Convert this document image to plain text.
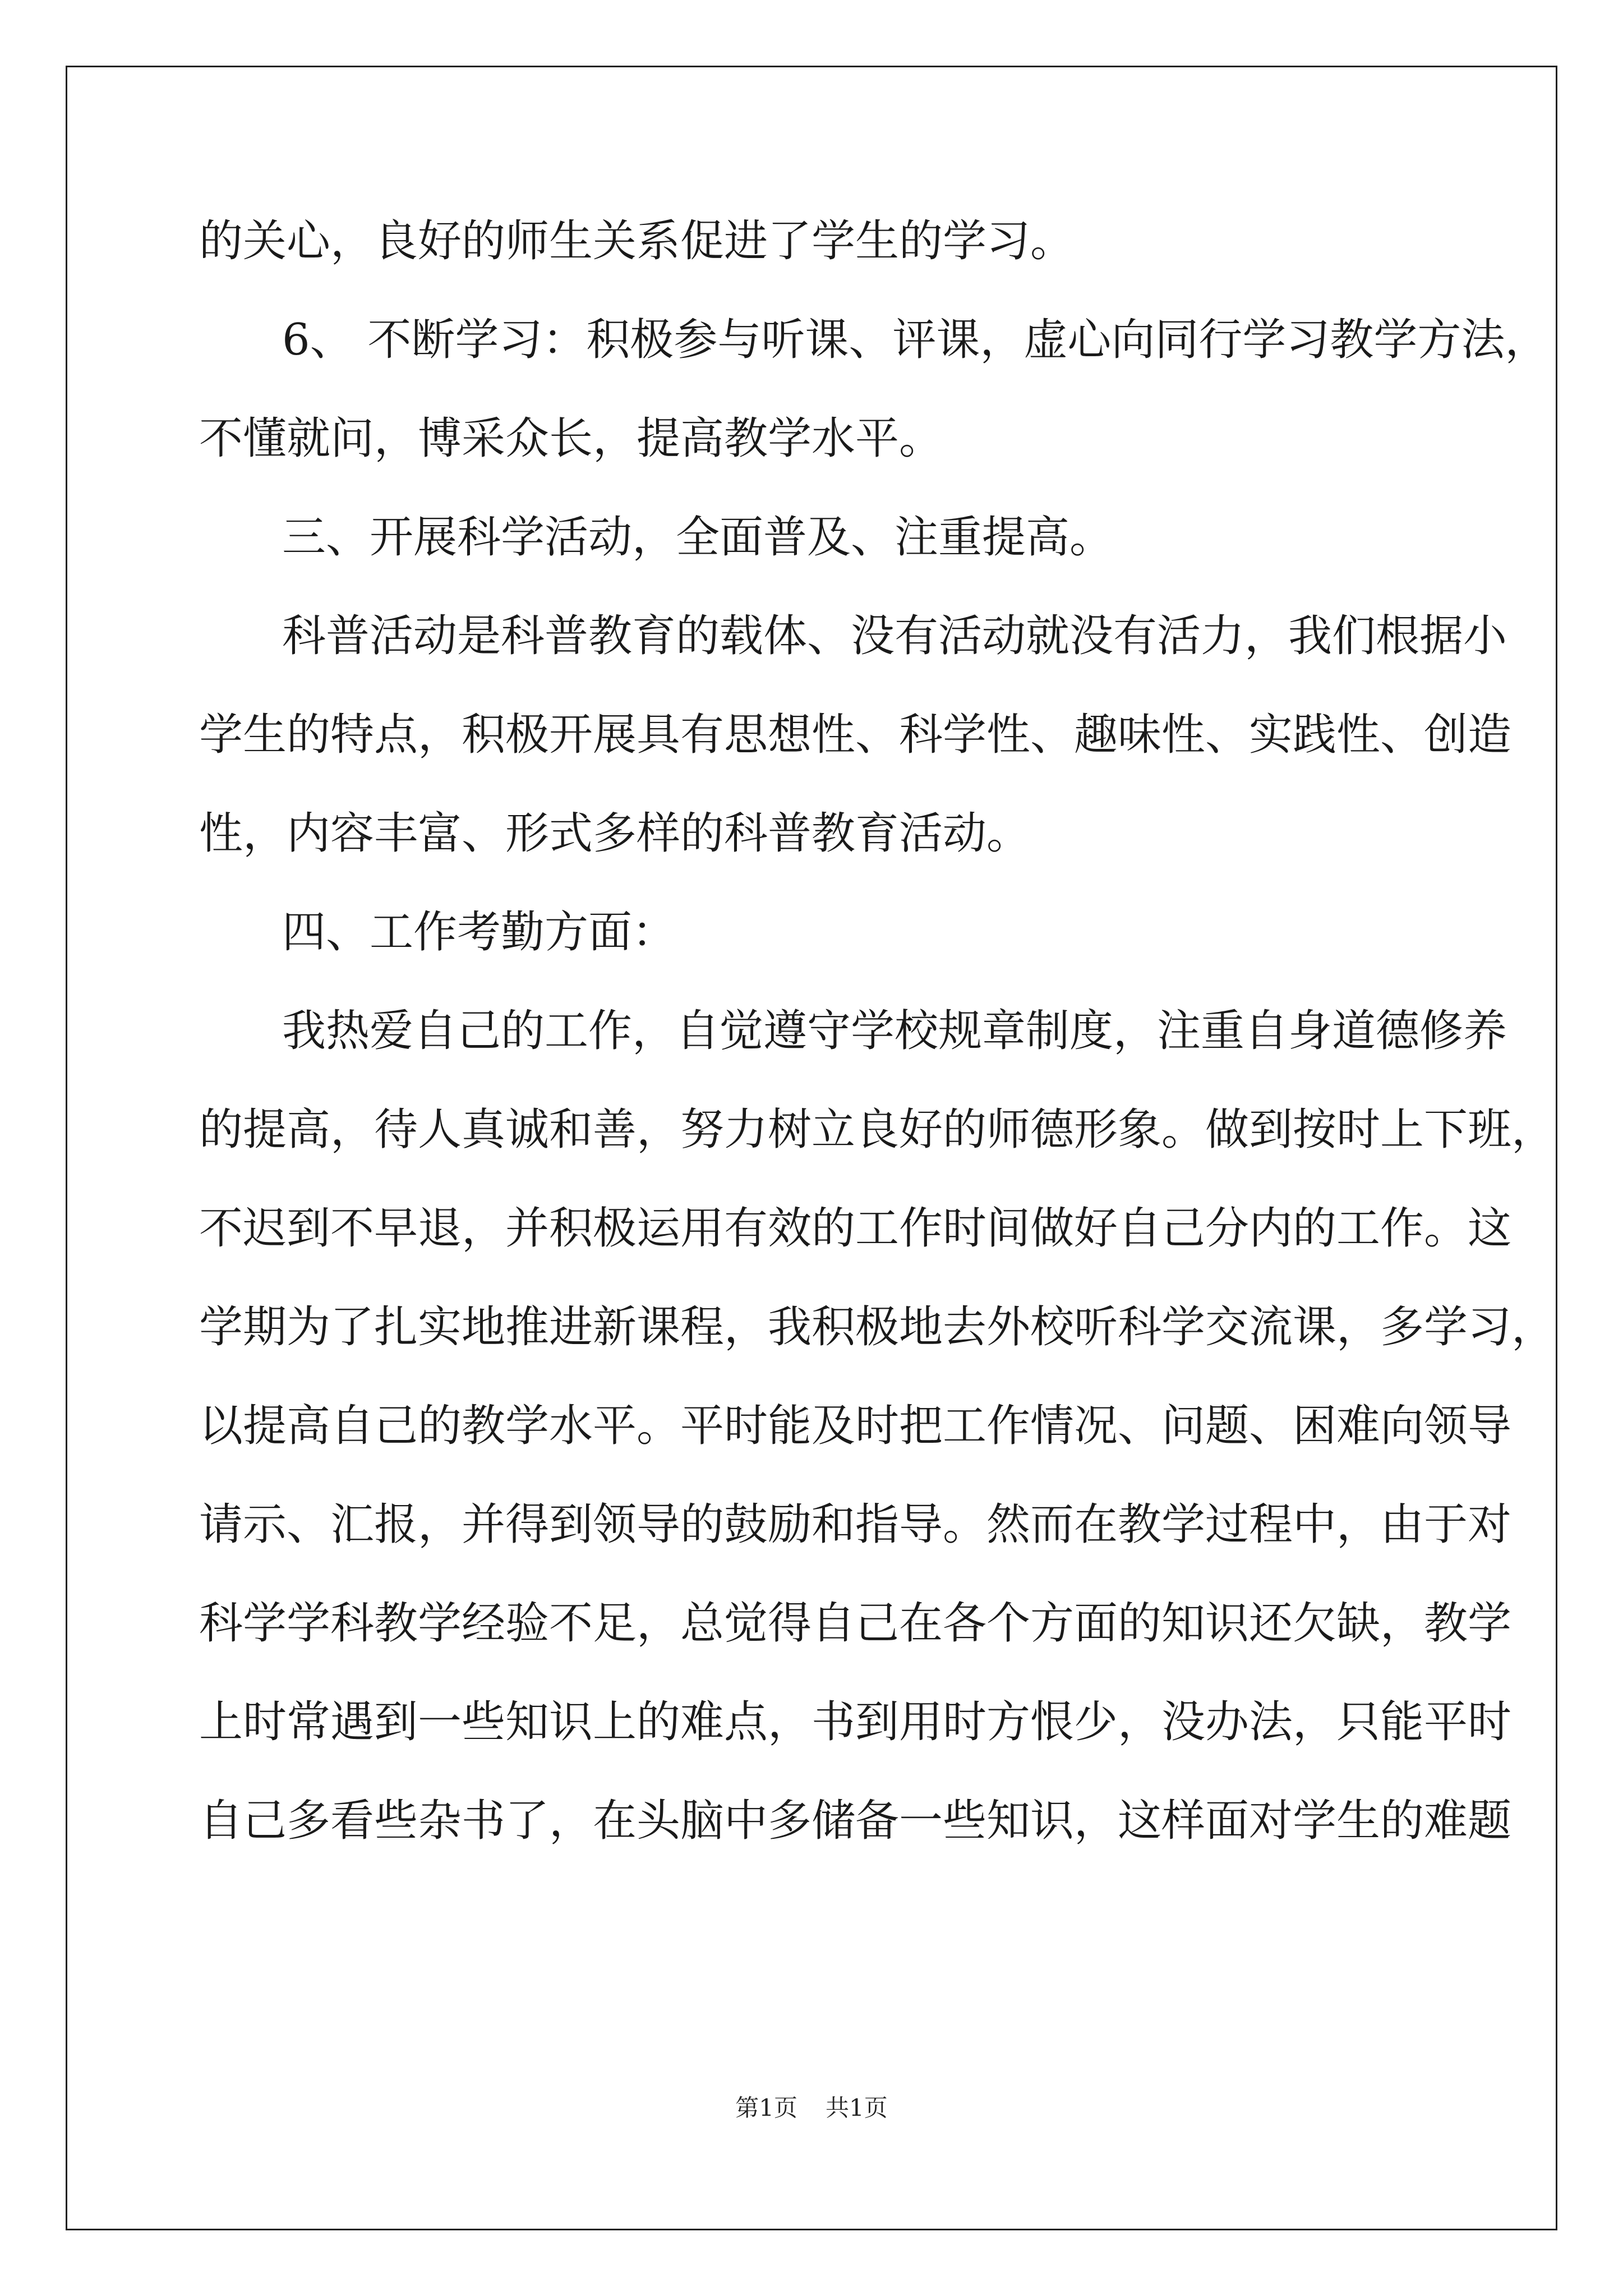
的关心，良好的师生关系促进了学生的学习。
6、 不断学习：积极参与听课、评课，虚心向同行学习教学方法，
不懂就问，博采众长，提高教学水平。
三、开展科学活动，全面普及、注重提高。
科普活动是科普教育的载体、没有活动就没有活力，我们根据小
学生的特点，积极开展具有思想性、科学性、趣味性、实践性、创造
性，内容丰富、形式多样的科普教育活动。
四、工作考勤方面：
我热爱自己的工作，自觉遵守学校规章制度，注重自身道德修养
的提高，待人真诚和善，努力树立良好的师德形象。做到按时上下班，
不迟到不早退，并积极运用有效的工作时间做好自己分内的工作。这
学期为了扎实地推进新课程，我积极地去外校听科学交流课，多学习，
以提高自己的教学水平。平时能及时把工作情况、问题、困难向领导
请示、汇报，并得到领导的鼓励和指导。然而在教学过程中，由于对
科学学科教学经验不足，总觉得自己在各个方面的知识还欠缺，教学
上时常遇到一些知识上的难点，书到用时方恨少，没办法，只能平时
自己多看些杂书了，在头脑中多储备一些知识，这样面对学生的难题
第1页 共1页
